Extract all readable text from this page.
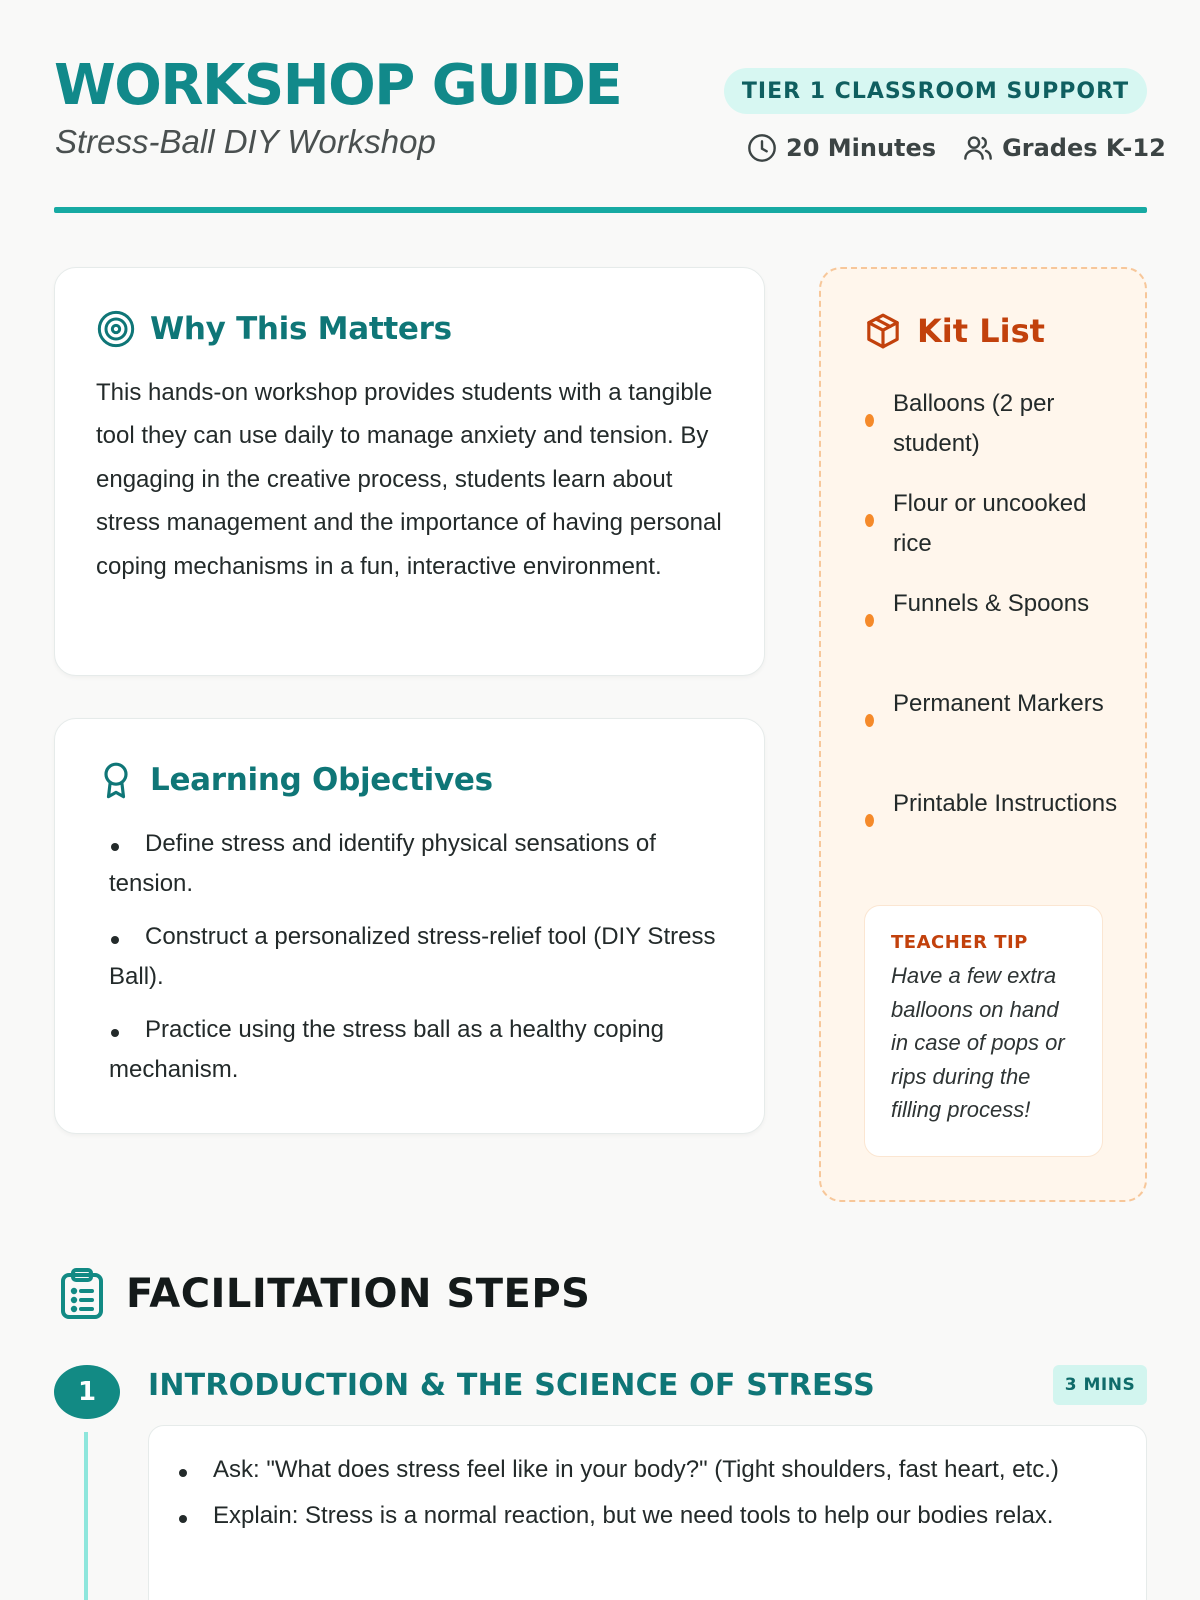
WORKSHOP GUIDE
Stress-Ball DIY Workshop
TIER 1 CLASSROOM SUPPORT
20 Minutes	Grades K-12
Why This Matters

This hands-on workshop provides students with a tangible tool they can use daily to manage anxiety and tension. By engaging in the creative process, students learn about stress management and the importance of having personal coping mechanisms in a fun, interactive environment.

Learning Objectives
Define stress and identify physical sensations of tension.
Construct a personalized stress-relief tool (DIY Stress Ball).
Practice using the stress ball as a healthy coping mechanism.
Kit List
Balloons (2 per student)
Flour or uncooked rice
Funnels & Spoons
Permanent Markers
Printable Instructions
TEACHER TIP
Have a few extra balloons on hand in case of pops or rips during the filling process!
FACILITATION STEPS
1	INTRODUCTION & THE SCIENCE OF STRESS	3 MINS
Ask: "What does stress feel like in your body?" (Tight shoulders, fast heart, etc.)
Explain: Stress is a normal reaction, but we need tools to help our bodies relax.
